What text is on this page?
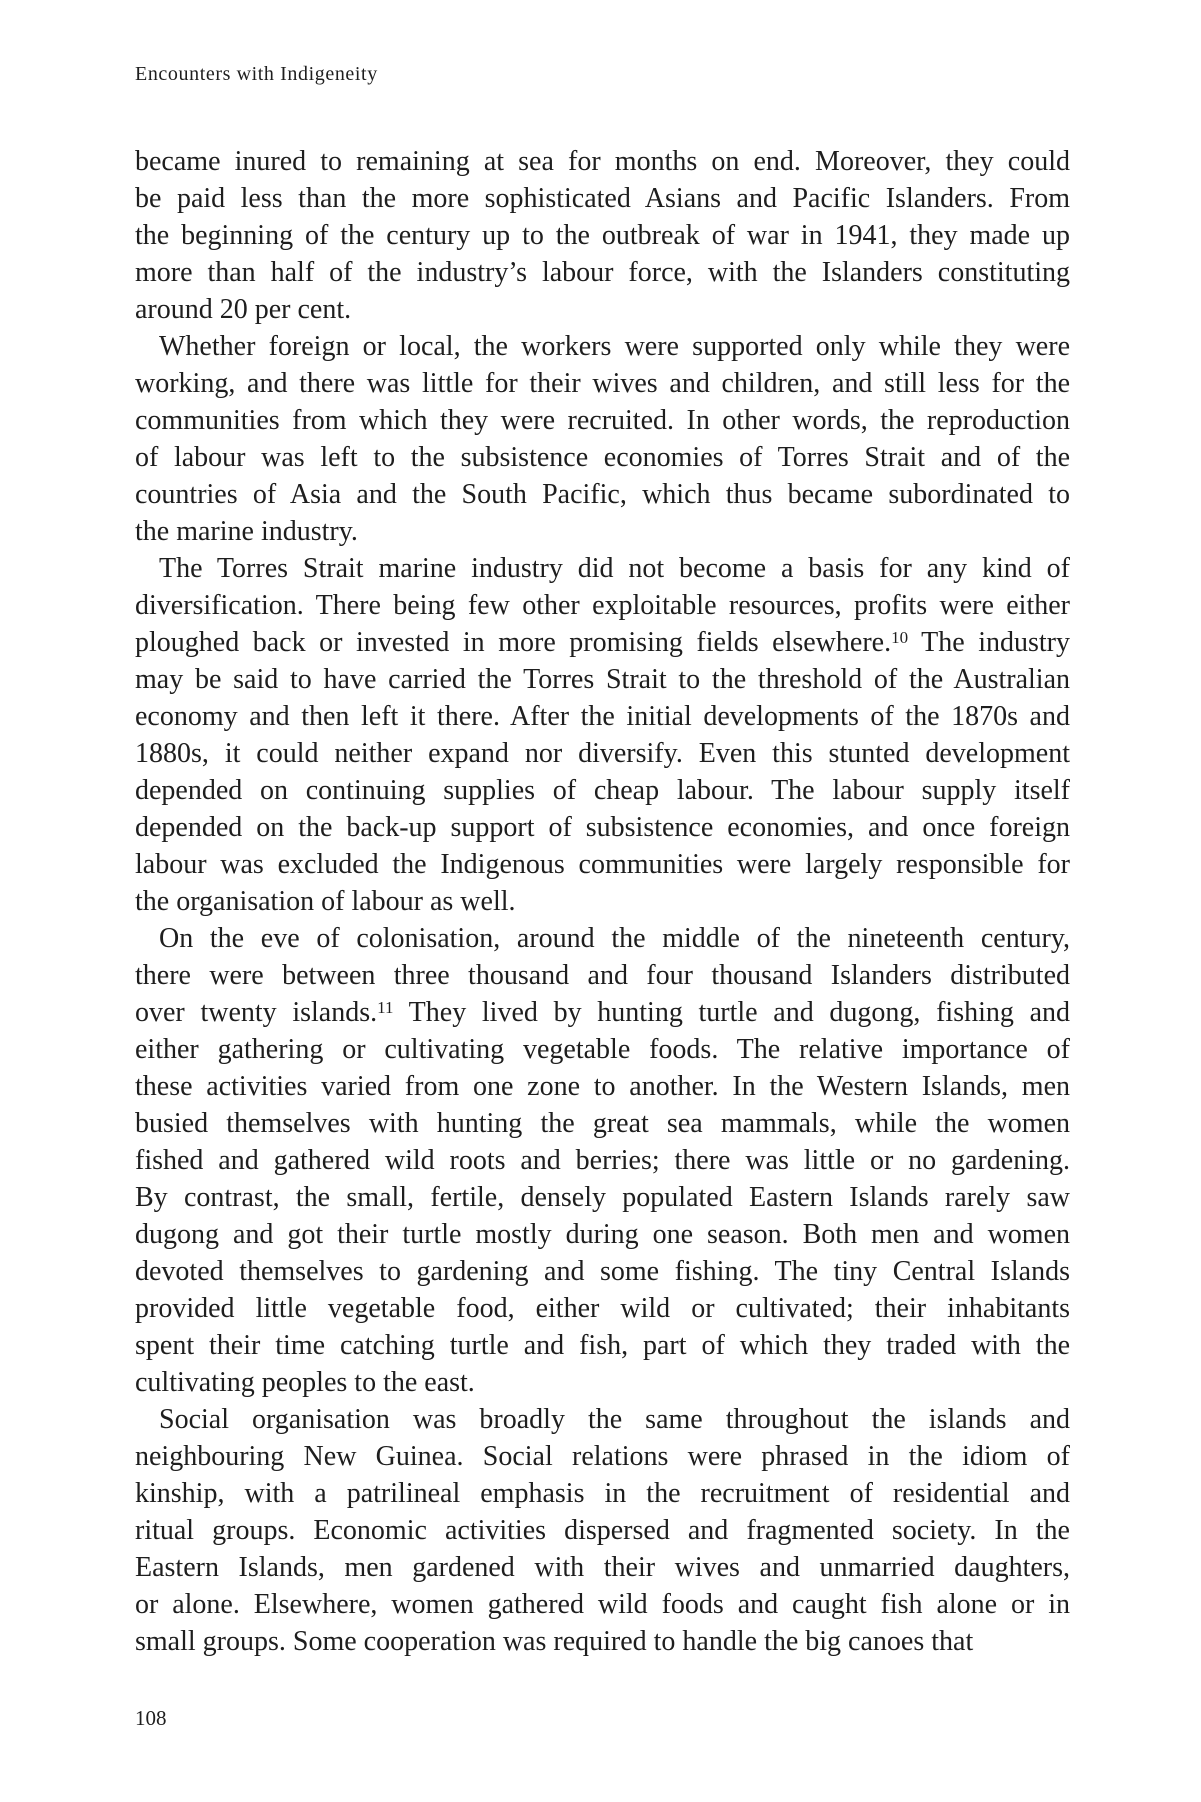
Encounters with Indigeneity

became inured to remaining at sea for months on end. Moreover, they could
be paid less than the more sophisticated Asians and Pacific Islanders. From
the beginning of the century up to the outbreak of war in 1941, they made up
more than half of the industry’s labour force, with the Islanders constituting
around 20 per cent.

Whether foreign or local, the workers were supported only while they were
working, and there was little for their wives and children, and still less for the
communities from which they were recruited. In other words, the reproduction
of labour was left to the subsistence economies of Torres Strait and of the
countries of Asia and the South Pacific, which thus became subordinated to
the marine industry.

The Torres Strait marine industry did not become a basis for any kind of
diversification. There being few other exploitable resources, profits were either
ploughed back or invested in more promising fields elsewhere.$^{10}$ The industry
may be said to have carried the Torres Strait to the threshold of the Australian
economy and then left it there. After the initial developments of the 1870s and
1880s, it could neither expand nor diversify. Even this stunted development
depended on continuing supplies of cheap labour. The labour supply itself
depended on the back-up support of subsistence economies, and once foreign
labour was excluded the Indigenous communities were largely responsible for
the organisation of labour as well.

On the eve of colonisation, around the middle of the nineteenth century,
there were between three thousand and four thousand Islanders distributed
over twenty islands.$^{11}$ They lived by hunting turtle and dugong, fishing and
either gathering or cultivating vegetable foods. The relative importance of
these activities varied from one zone to another. In the Western Islands, men
busied themselves with hunting the great sea mammals, while the women
fished and gathered wild roots and berries; there was little or no gardening.
By contrast, the small, fertile, densely populated Eastern Islands rarely saw
dugong and got their turtle mostly during one season. Both men and women
devoted themselves to gardening and some fishing. The tiny Central Islands
provided little vegetable food, either wild or cultivated; their inhabitants
spent their time catching turtle and fish, part of which they traded with the
cultivating peoples to the east.

Social organisation was broadly the same throughout the islands and
neighbouring New Guinea. Social relations were phrased in the idiom of
kinship, with a patrilineal emphasis in the recruitment of residential and
ritual groups. Economic activities dispersed and fragmented society. In the
Eastern Islands, men gardened with their wives and unmarried daughters,
or alone. Elsewhere, women gathered wild foods and caught fish alone or in
small groups. Some cooperation was required to handle the big canoes that

108
